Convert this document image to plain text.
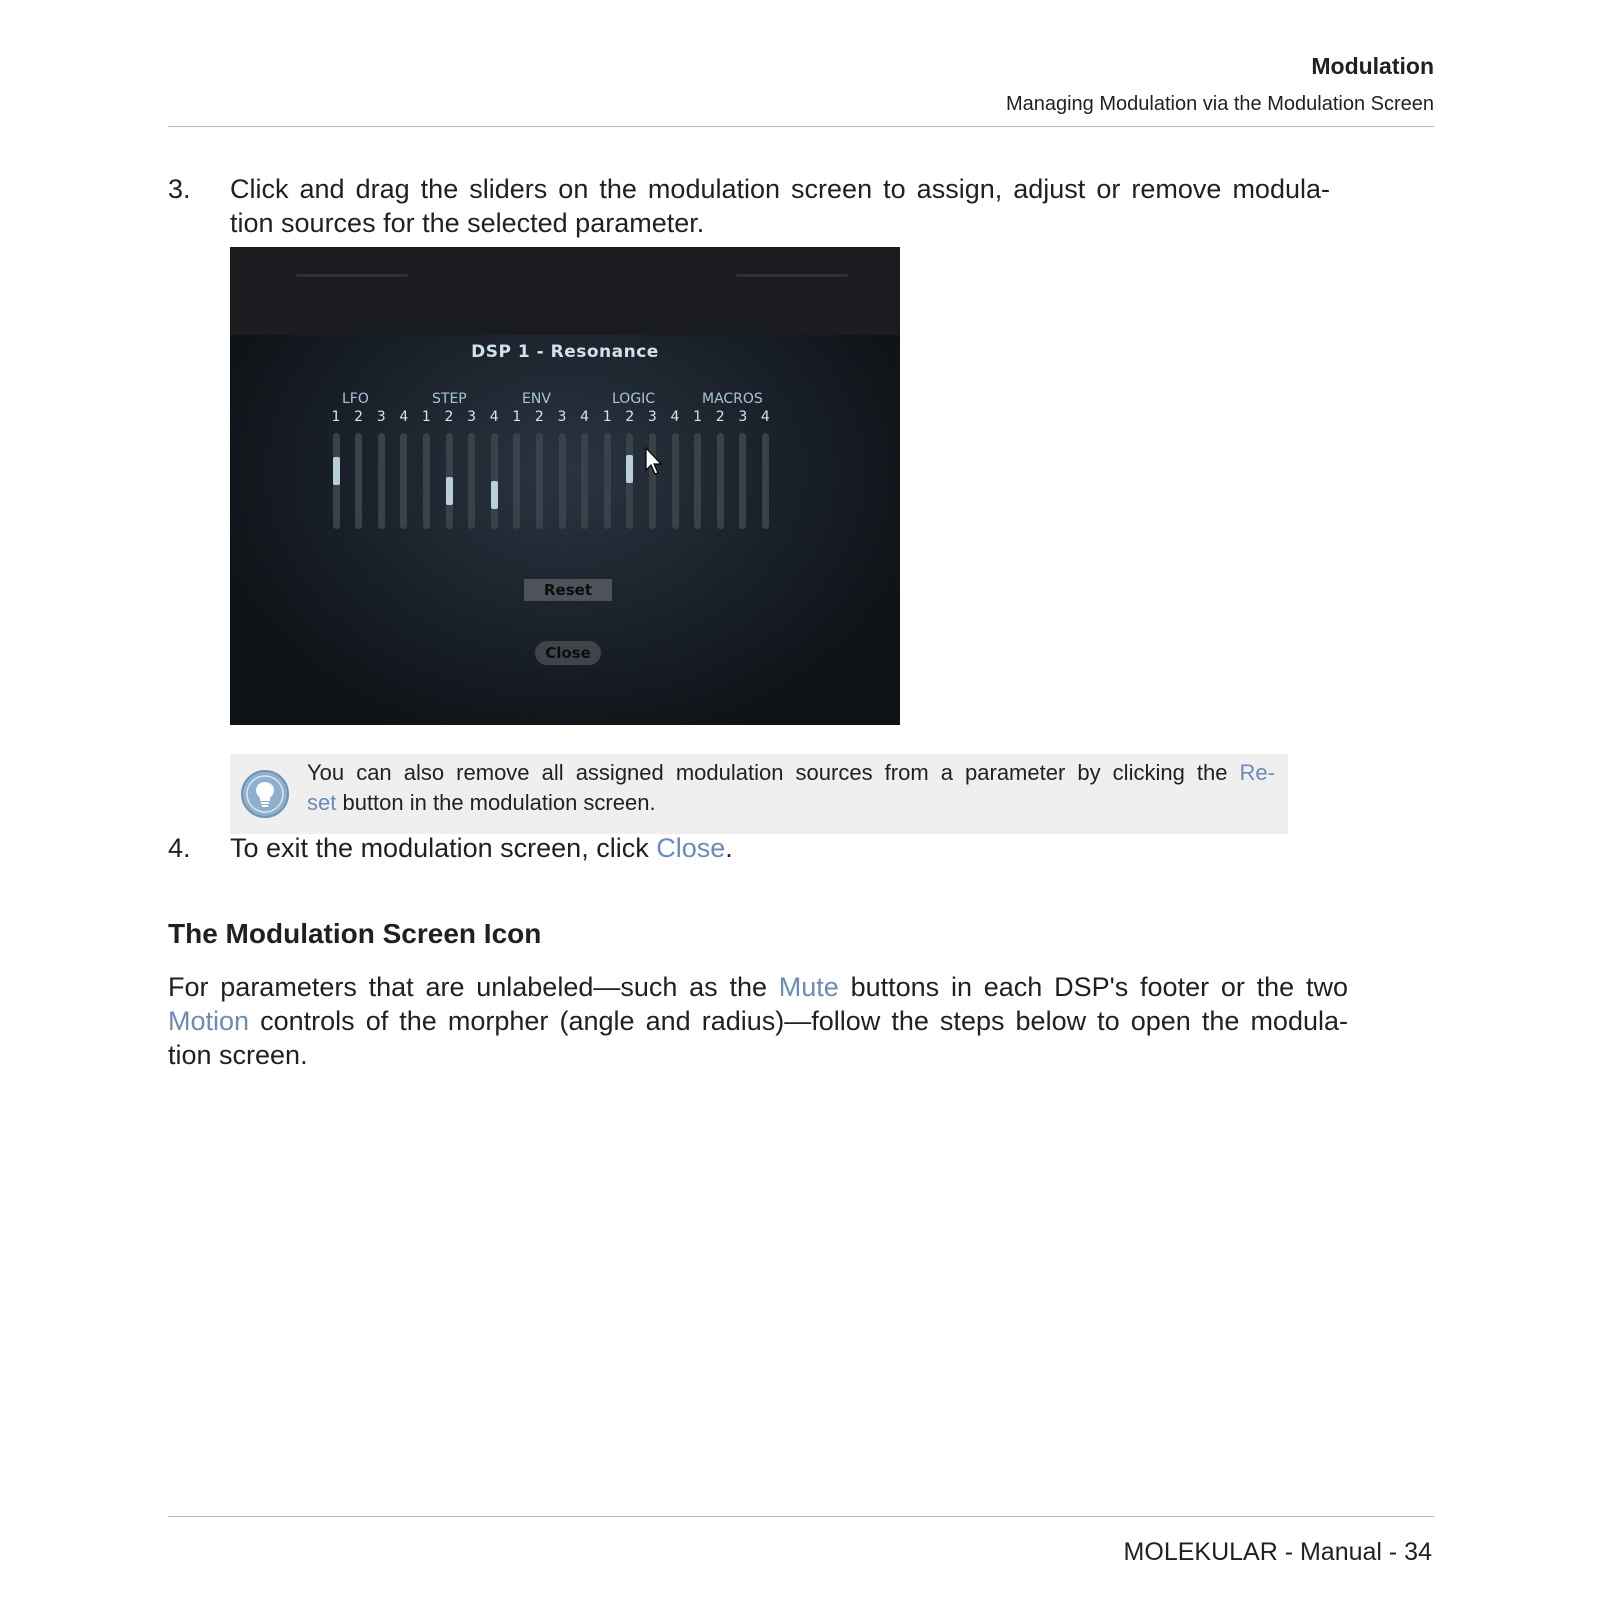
Modulation
Managing Modulation via the Modulation Screen
3.	Click and drag the sliders on the modulation screen to assign, adjust or remove modula-
tion sources for the selected parameter.
DSP 1 - Resonance
LFO	STEP	ENV	LOGIC	MACROS
1 2 3 4 1 2 3 4 1 2 3 4 1 2 3 4 1 2 3 4
Reset
Close
You can also remove all assigned modulation sources from a parameter by clicking the Re-
set button in the modulation screen.
4.	To exit the modulation screen, click Close.
The Modulation Screen Icon
For parameters that are unlabeled—such as the Mute buttons in each DSP's footer or the two
Motion controls of the morpher (angle and radius)—follow the steps below to open the modula-
tion screen.
MOLEKULAR - Manual - 34
